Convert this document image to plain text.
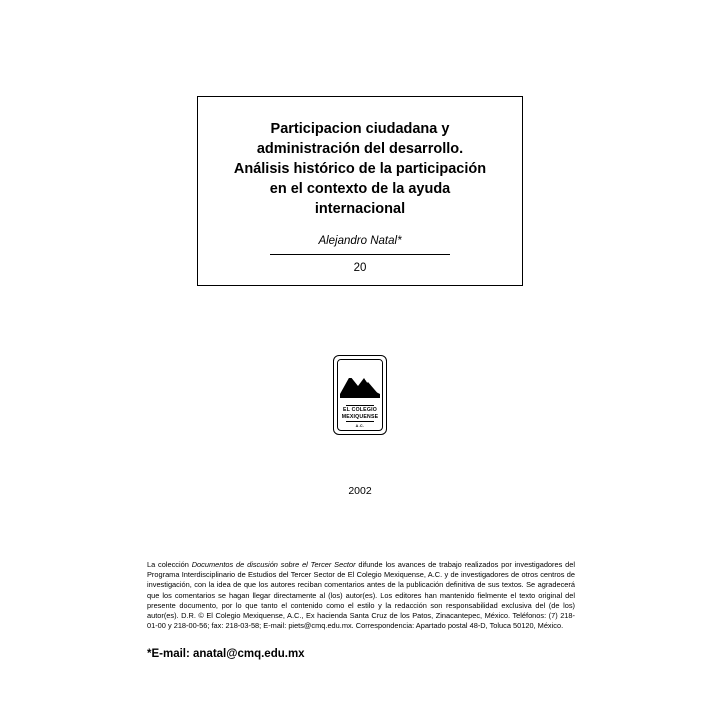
Participacion ciudadana y
administración del desarrollo.
Análisis histórico de la participación
en el contexto de la ayuda
internacional
Alejandro Natal*
20
EL COLEGIO
MEXIQUENSE
A.C.
2002
La colección Documentos de discusión sobre el Tercer Sector difunde los avances de trabajo realizados por investigadores del Programa Interdisciplinario de Estudios del Tercer Sector de El Colegio Mexiquense, A.C. y de investigadores de otros centros de investigación, con la idea de que los autores reciban comentarios antes de la publicación definitiva de sus textos. Se agradecerá que los comentarios se hagan llegar directamente al (los) autor(es). Los editores han mantenido fielmente el texto original del presente documento, por lo que tanto el contenido como el estilo y la redacción son responsabilidad exclusiva del (de los) autor(es). D.R. © El Colegio Mexiquense, A.C., Ex hacienda Santa Cruz de los Patos, Zinacantepec, México. Teléfonos: (7) 218-01-00 y 218-00-56; fax: 218-03-58; E-mail: piets@cmq.edu.mx. Correspondencia: Apartado postal 48-D, Toluca 50120, México.
*E-mail: anatal@cmq.edu.mx
